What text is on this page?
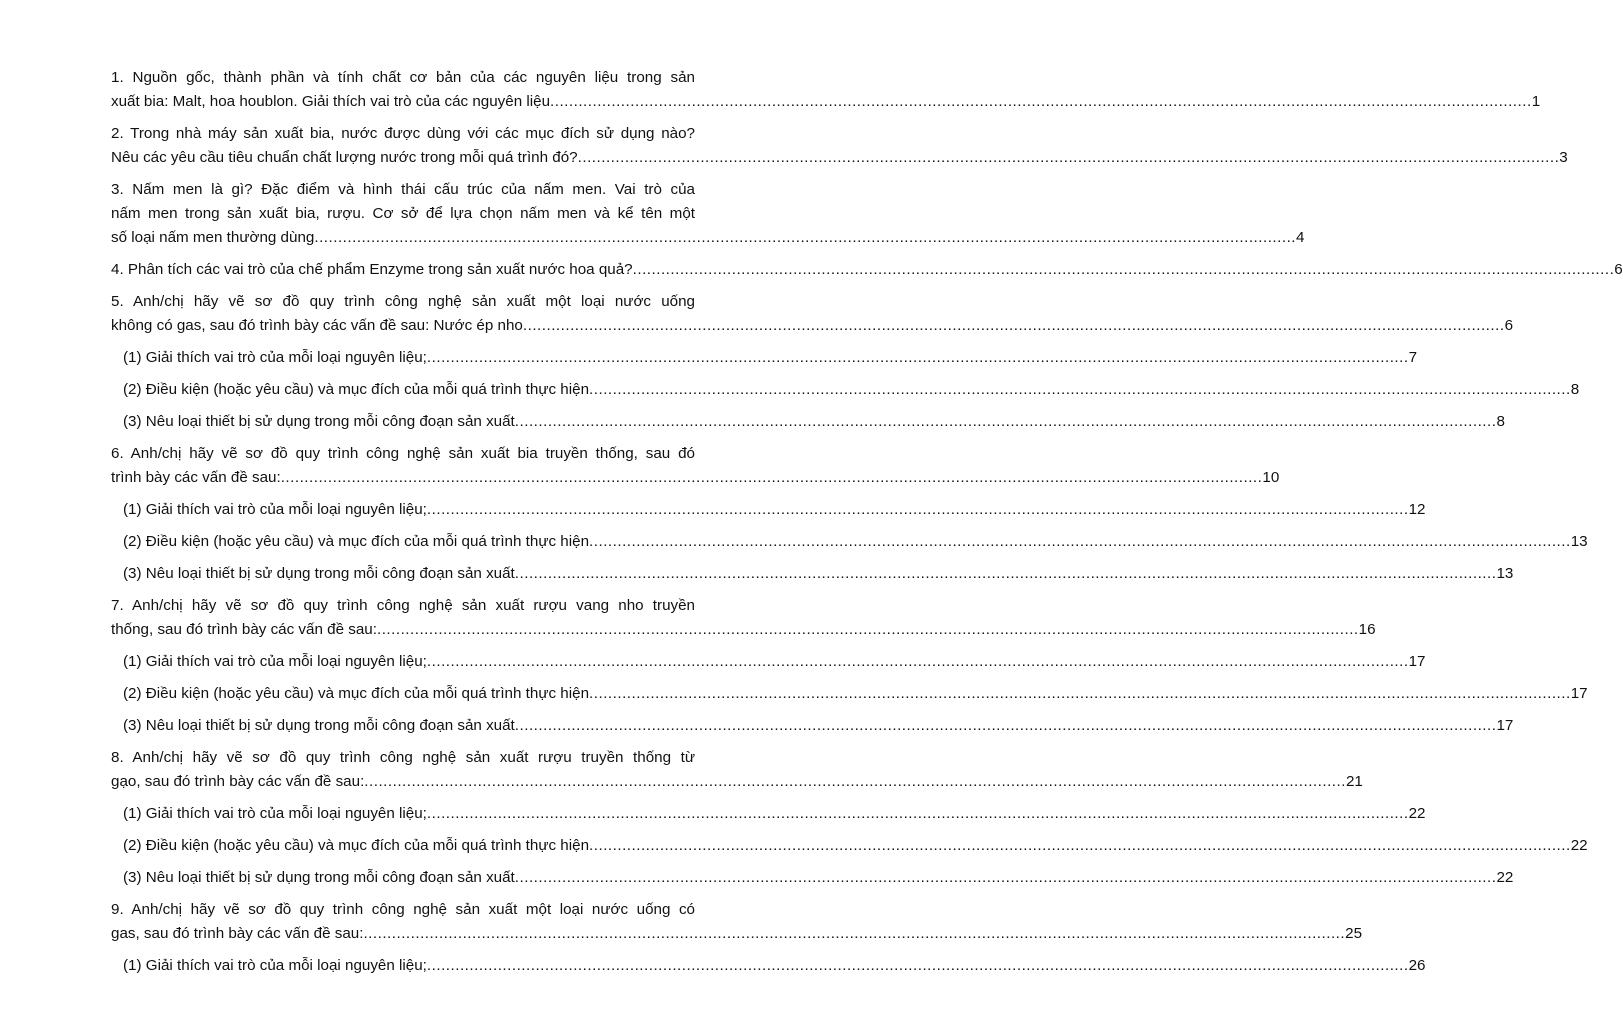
1. Nguồn gốc, thành phần và tính chất cơ bản của các nguyên liệu trong sản
xuất bia: Malt, hoa houblon. Giải thích vai trò của các nguyên liệu .....	1
2. Trong nhà máy sản xuất bia, nước được dùng với các mục đích sử dụng nào?
Nêu các yêu cầu tiêu chuẩn chất lượng nước trong mỗi quá trình đó? .....	3
3. Nấm men là gì? Đặc điểm và hình thái cấu trúc của nấm men. Vai trò của
nấm men trong sản xuất bia, rượu. Cơ sở để lựa chọn nấm men và kể tên một
số loại nấm men thường dùng .....	4
4. Phân tích các vai trò của chế phẩm Enzyme trong sản xuất nước hoa quả? .....	6
5. Anh/chị hãy vẽ sơ đồ quy trình công nghệ sản xuất một loại nước uống
không có gas, sau đó trình bày các vấn đề sau: Nước ép nho .....	6
(1) Giải thích vai trò của mỗi loại nguyên liệu; .....	7
(2) Điều kiện (hoặc yêu cầu) và mục đích của mỗi quá trình thực hiện .....	8
(3) Nêu loại thiết bị sử dụng trong mỗi công đoạn sản xuất .....	8
6. Anh/chị hãy vẽ sơ đồ quy trình công nghệ sản xuất bia truyền thống, sau đó
trình bày các vấn đề sau: .....	10
(1) Giải thích vai trò của mỗi loại nguyên liệu; .....	12
(2) Điều kiện (hoặc yêu cầu) và mục đích của mỗi quá trình thực hiện .....	13
(3) Nêu loại thiết bị sử dụng trong mỗi công đoạn sản xuất .....	13
7. Anh/chị hãy vẽ sơ đồ quy trình công nghệ sản xuất rượu vang nho truyền
thống, sau đó trình bày các vấn đề sau: .....	16
(1) Giải thích vai trò của mỗi loại nguyên liệu; .....	17
(2) Điều kiện (hoặc yêu cầu) và mục đích của mỗi quá trình thực hiện .....	17
(3) Nêu loại thiết bị sử dụng trong mỗi công đoạn sản xuất .....	17
8. Anh/chị hãy vẽ sơ đồ quy trình công nghệ sản xuất rượu truyền thống từ
gạo, sau đó trình bày các vấn đề sau: .....	21
(1) Giải thích vai trò của mỗi loại nguyên liệu; .....	22
(2) Điều kiện (hoặc yêu cầu) và mục đích của mỗi quá trình thực hiện .....	22
(3) Nêu loại thiết bị sử dụng trong mỗi công đoạn sản xuất .....	22
9. Anh/chị hãy vẽ sơ đồ quy trình công nghệ sản xuất một loại nước uống có
gas, sau đó trình bày các vấn đề sau: .....	25
(1) Giải thích vai trò của mỗi loại nguyên liệu; .....	26
